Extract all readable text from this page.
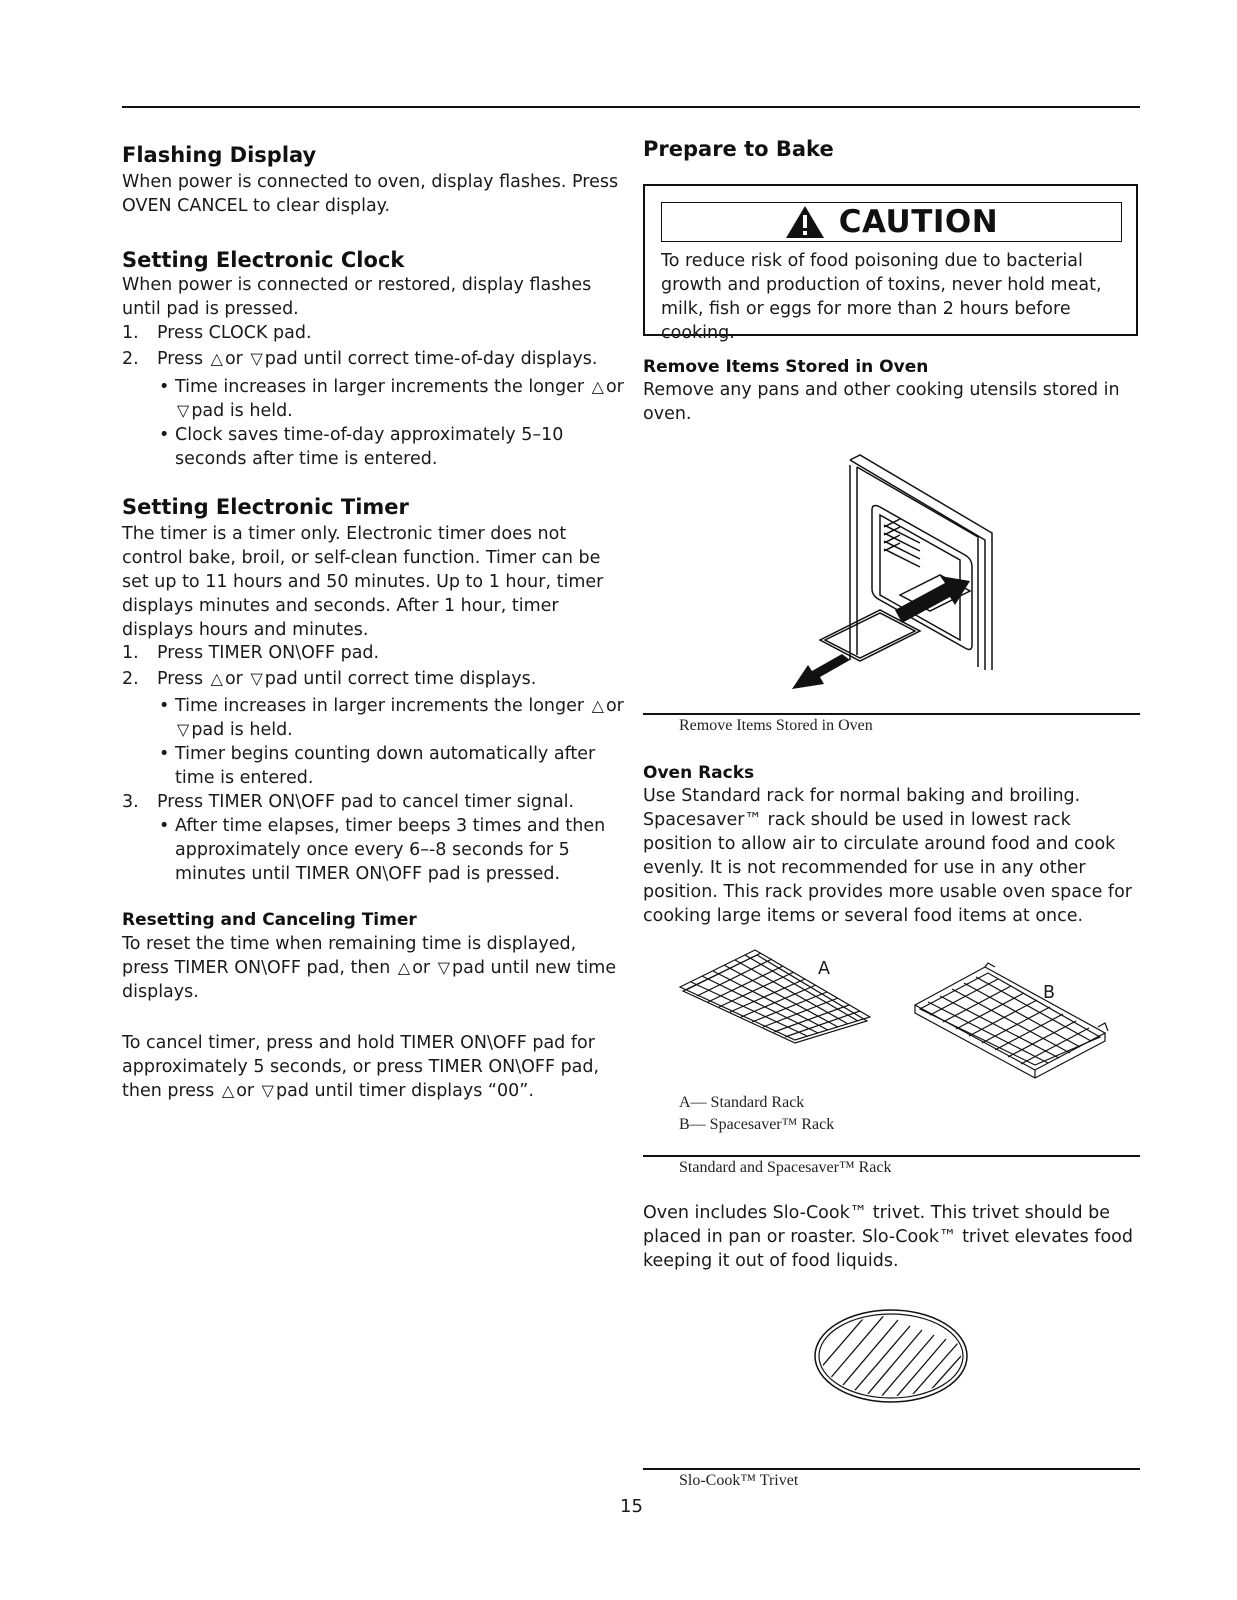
Flashing Display

When power is connected to oven, display flashes. Press OVEN CANCEL to clear display.

Setting Electronic Clock

When power is connected or restored, display flashes until pad is pressed.

1. Press CLOCK pad.
2. Press △ or ▽ pad until correct time-of-day displays.
• Time increases in larger increments the longer △ or
▽ pad is held.
• Clock saves time-of-day approximately 5–10 seconds after time is entered.
Setting Electronic Timer

The timer is a timer only. Electronic timer does not control bake, broil, or self-clean function. Timer can be set up to 11 hours and 50 minutes. Up to 1 hour, timer displays minutes and seconds. After 1 hour, timer displays hours and minutes.

1. Press TIMER ON\OFF pad.
2. Press △ or ▽ pad until correct time displays.
• Time increases in larger increments the longer △ or
▽ pad is held.
• Timer begins counting down automatically after time is entered.
3. Press TIMER ON\OFF pad to cancel timer signal.
• After time elapses, timer beeps 3 times and then approximately once every 6–-8 seconds for 5 minutes until TIMER ON\OFF pad is pressed.
Resetting and Canceling Timer

To reset the time when remaining time is displayed, press TIMER ON\OFF pad, then △ or ▽ pad until new time displays.

To cancel timer, press and hold TIMER ON\OFF pad for approximately 5 seconds, or press TIMER ON\OFF pad, then press △ or ▽ pad until timer displays “00”.

Prepare to Bake
CAUTION
To reduce risk of food poisoning due to bacterial growth and production of toxins, never hold meat, milk, fish or eggs for more than 2 hours before cooking.
Remove Items Stored in Oven

Remove any pans and other cooking utensils stored in oven.

Remove Items Stored in Oven
Oven Racks

Use Standard rack for normal baking and broiling. Spacesaver™ rack should be used in lowest rack position to allow air to circulate around food and cook evenly. It is not recommended for use in any other position. This rack provides more usable oven space for cooking large items or several food items at once.

A
B
A— Standard Rack
B— Spacesaver™ Rack
Standard and Spacesaver™ Rack

Oven includes Slo-Cook™ trivet. This trivet should be placed in pan or roaster. Slo-Cook™ trivet elevates food keeping it out of food liquids.

Slo-Cook™ Trivet
15
